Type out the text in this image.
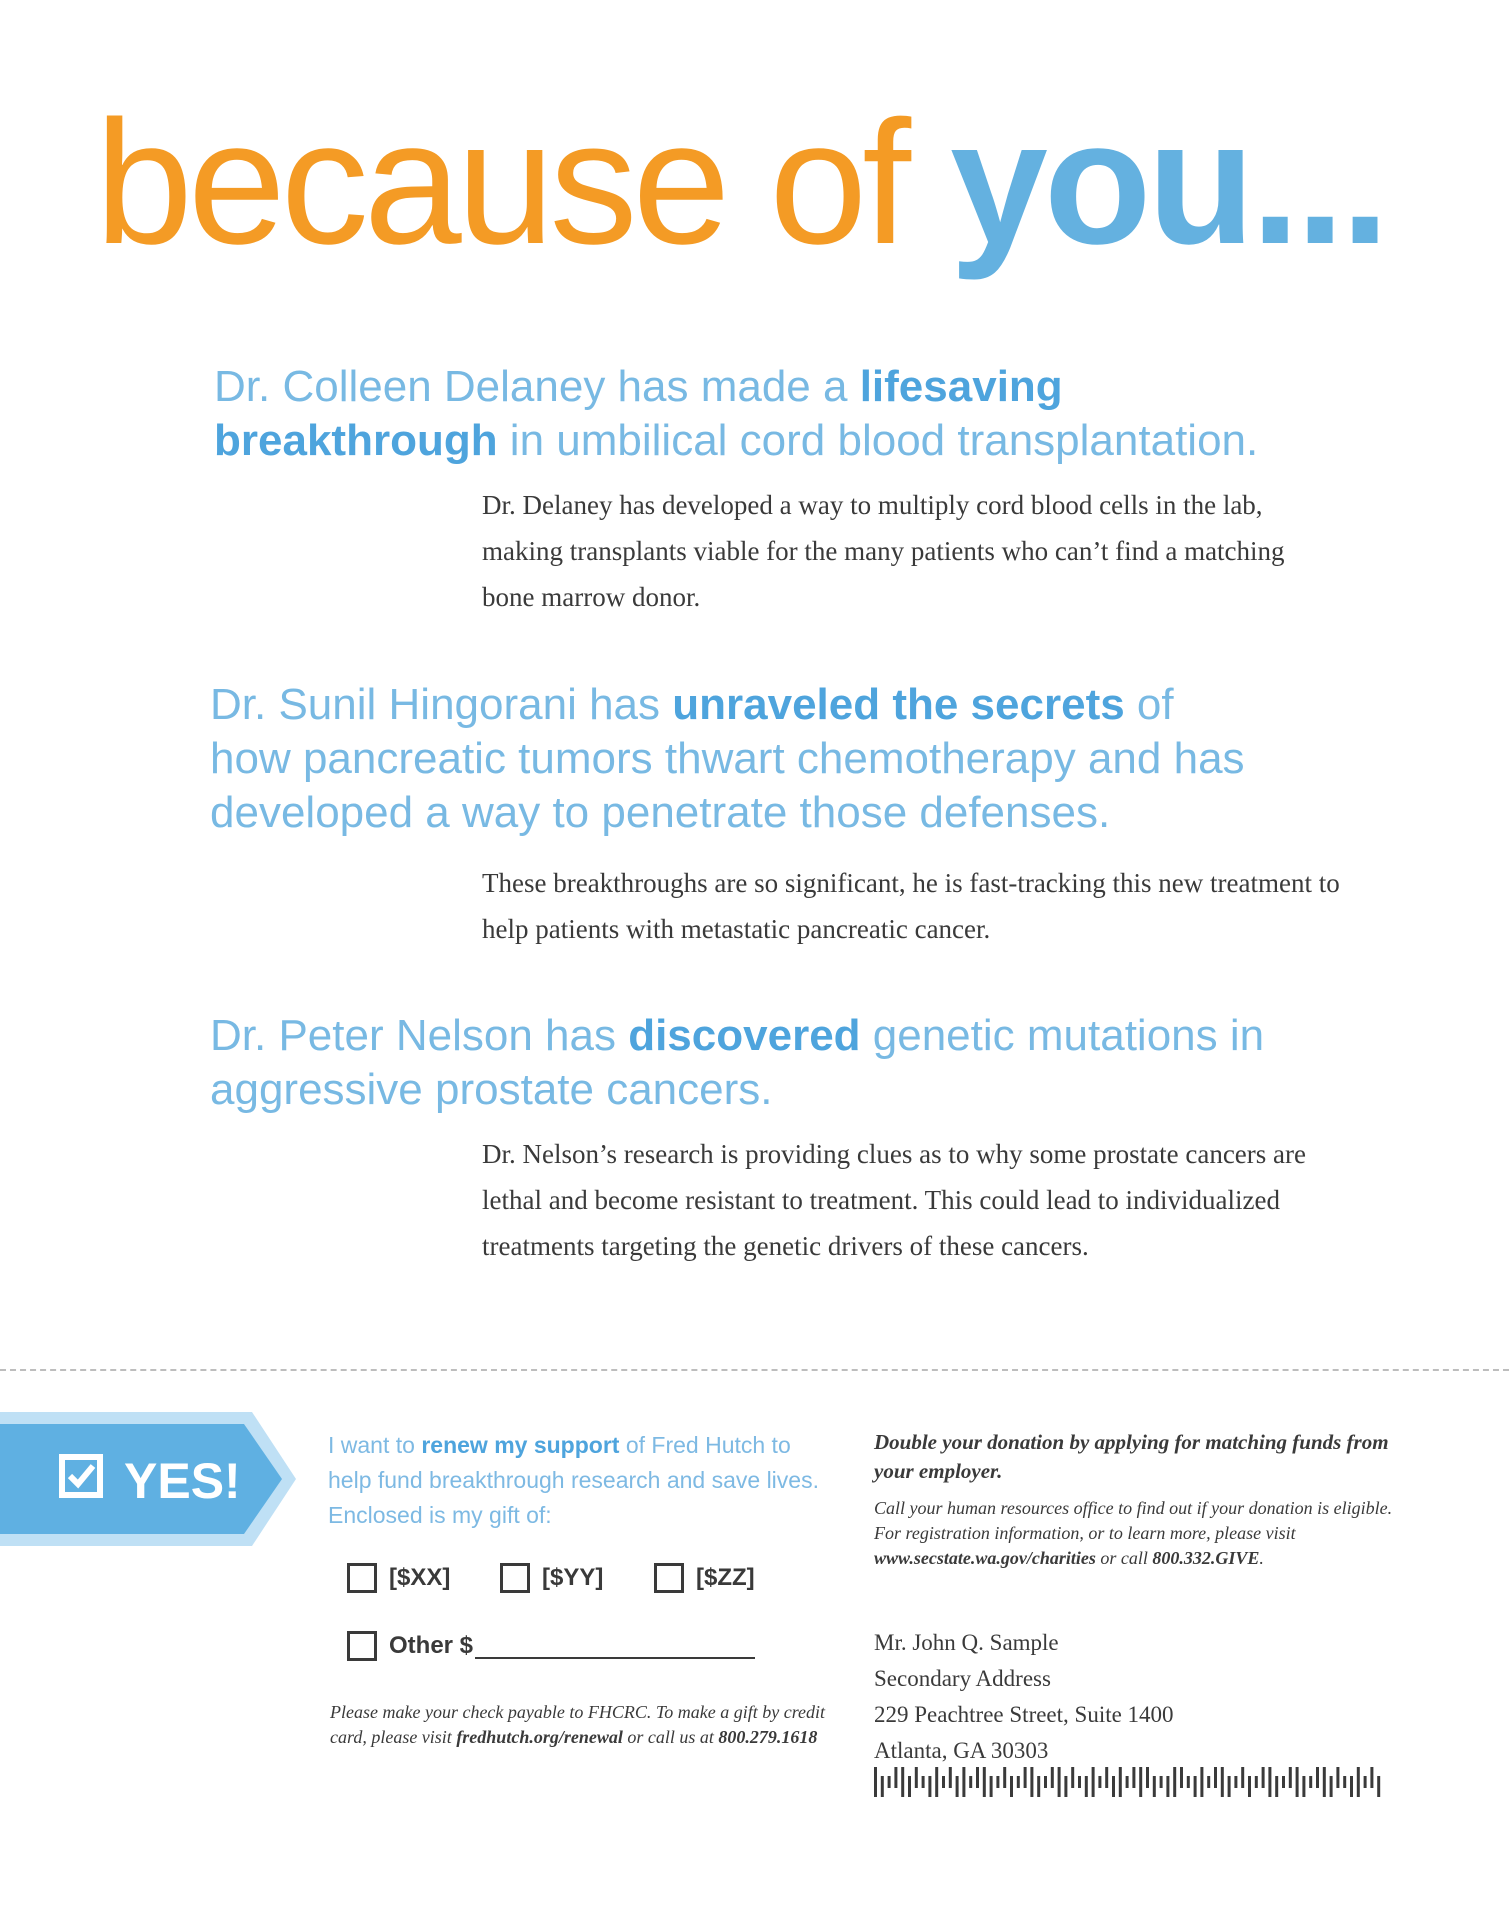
because of you...

Dr. Colleen Delaney has made a lifesaving
breakthrough in umbilical cord blood transplantation.

Dr. Delaney has developed a way to multiply cord blood cells in the lab, making transplants viable for the many patients who can’t find a matching bone marrow donor.

Dr. Sunil Hingorani has unraveled the secrets of
how pancreatic tumors thwart chemotherapy and has
developed a way to penetrate those defenses.

These breakthroughs are so significant, he is fast-tracking this new treatment to help patients with metastatic pancreatic cancer.

Dr. Peter Nelson has discovered genetic mutations in
aggressive prostate cancers.

Dr. Nelson’s research is providing clues as to why some prostate cancers are lethal and become resistant to treatment. This could lead to individualized treatments targeting the genetic drivers of these cancers.

YES!

I want to renew my support of Fred Hutch to help fund breakthrough research and save lives. Enclosed is my gift of:

[$XX]	[$YY]	[$ZZ]
Other $

Please make your check payable to FHCRC. To make a gift by credit card, please visit fredhutch.org/renewal or call us at 800.279.1618

Double your donation by applying for matching funds from your employer.

Call your human resources office to find out if your donation is eligible. For registration information, or to learn more, please visit www.secstate.wa.gov/charities or call 800.332.GIVE.

Mr. John Q. Sample
Secondary Address
229 Peachtree Street, Suite 1400
Atlanta, GA 30303
